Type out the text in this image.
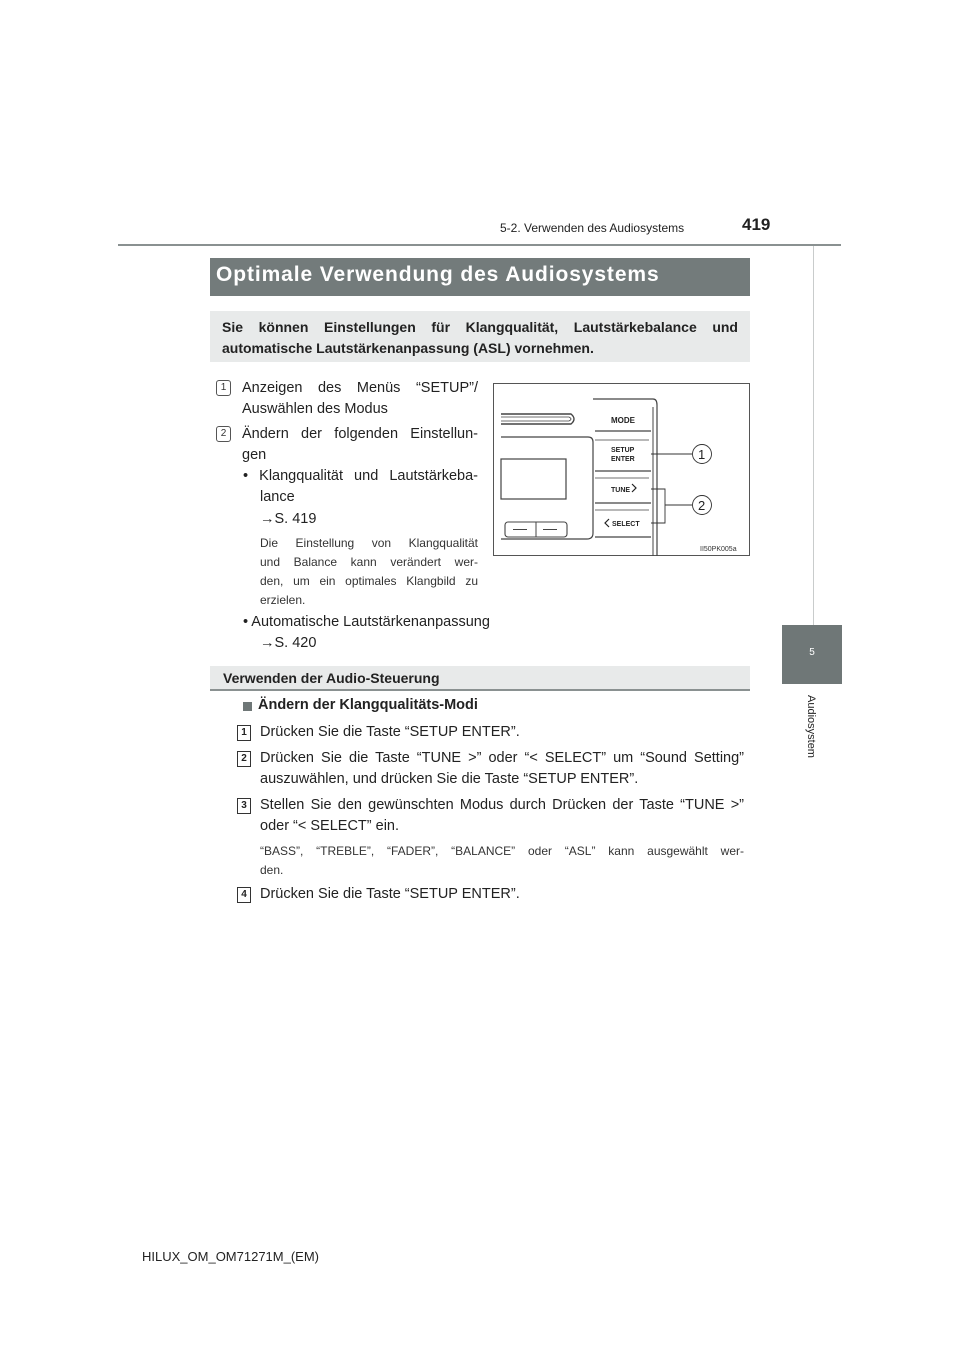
5-2. Verwenden des Audiosystems	419
5
Audiosystem
Optimale Verwendung des Audiosystems
Sie können Einstellungen für Klangqualität, Lautstärkebalance und automatische Lautstärkenanpassung (ASL) vornehmen.
1	Anzeigen des Menüs “SETUP”/
Auswählen des Modus
2	Ändern der folgenden Einstellun-
gen
• Klangqualität und Lautstärkeba-
lance
→S. 419
Die Einstellung von Klangqualität
und Balance kann verändert wer-
den, um ein optimales Klangbild zu
erzielen.
• Automatische Lautstärkenanpassung
→S. 420
MODE
SETUP
ENTER
TUNE
SELECT
1
2
II50PK005a
Verwenden der Audio-Steuerung
Ändern der Klangqualitäts-Modi
1 Drücken Sie die Taste “SETUP ENTER”.
2 Drücken Sie die Taste “TUNE >” oder “< SELECT” um “Sound Setting”
auszuwählen, und drücken Sie die Taste “SETUP ENTER”.
3 Stellen Sie den gewünschten Modus durch Drücken der Taste “TUNE >”
oder “< SELECT” ein.
“BASS”, “TREBLE”, “FADER”, “BALANCE” oder “ASL” kann ausgewählt wer-
den.
4 Drücken Sie die Taste “SETUP ENTER”.
HILUX_OM_OM71271M_(EM)
